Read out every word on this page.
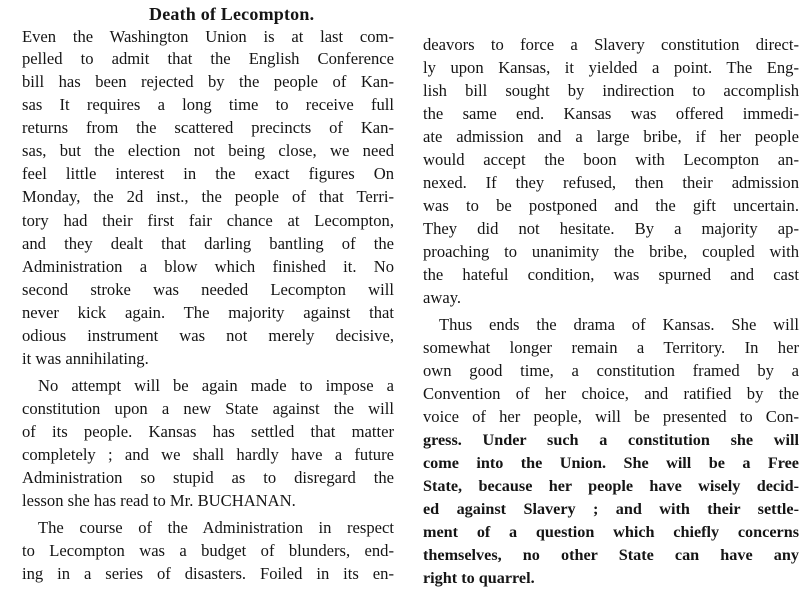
Death of Lecompton.
Even the Washington Union is at last com-
pelled to admit that the English Conference
bill has been rejected by the people of Kan-
sas It requires a long time to receive full
returns from the scattered precincts of Kan-
sas, but the election not being close, we need
feel little interest in the exact figures On
Monday, the 2d inst., the people of that Terri-
tory had their first fair chance at Lecompton,
and they dealt that darling bantling of the
Administration a blow which finished it. No
second stroke was needed Lecompton will
never kick again. The majority against that
odious instrument was not merely decisive,
it was annihilating.
No attempt will be again made to impose a
constitution upon a new State against the will
of its people. Kansas has settled that matter
completely ; and we shall hardly have a future
Administration so stupid as to disregard the
lesson she has read to Mr. BUCHANAN.
The course of the Administration in respect
to Lecompton was a budget of blunders, end-
ing in a series of disasters. Foiled in its en-
deavors to force a Slavery constitution direct-
ly upon Kansas, it yielded a point. The Eng-
lish bill sought by indirection to accomplish
the same end. Kansas was offered immedi-
ate admission and a large bribe, if her people
would accept the boon with Lecompton an-
nexed. If they refused, then their admission
was to be postponed and the gift uncertain.
They did not hesitate. By a majority ap-
proaching to unanimity the bribe, coupled with
the hateful condition, was spurned and cast
away.
Thus ends the drama of Kansas. She will
somewhat longer remain a Territory. In her
own good time, a constitution framed by a
Convention of her choice, and ratified by the
voice of her people, will be presented to Con-
gress. Under such a constitution she will
come into the Union. She will be a Free
State, because her people have wisely decid-
ed against Slavery ; and with their settle-
ment of a question which chiefly concerns
themselves, no other State can have any
right to quarrel.
